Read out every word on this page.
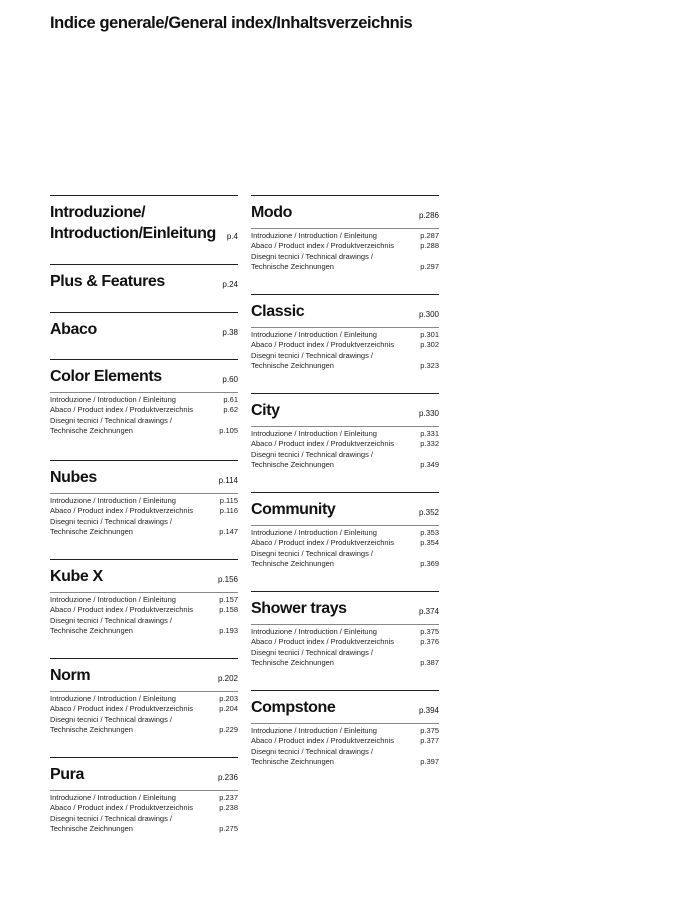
Indice generale/General index/Inhaltsverzeichnis
Introduzione/
Introduction/Einleitung p.4
Plus & Features	p.24
Abaco	p.38
Color Elements	p.60
Introduzione / Introduction / Einleitung	p.61
Abaco / Product index / Produktverzeichnis	p.62
Disegni tecnici / Technical drawings /
Technische Zeichnungen	p.105
Nubes	p.114
Introduzione / Introduction / Einleitung	p.115
Abaco / Product index / Produktverzeichnis	p.116
Disegni tecnici / Technical drawings /
Technische Zeichnungen	p.147
Kube X	p.156
Introduzione / Introduction / Einleitung	p.157
Abaco / Product index / Produktverzeichnis	p.158
Disegni tecnici / Technical drawings /
Technische Zeichnungen	p.193
Norm	p.202
Introduzione / Introduction / Einleitung	p.203
Abaco / Product index / Produktverzeichnis	p.204
Disegni tecnici / Technical drawings /
Technische Zeichnungen	p.229
Pura	p.236
Introduzione / Introduction / Einleitung	p.237
Abaco / Product index / Produktverzeichnis	p.238
Disegni tecnici / Technical drawings /
Technische Zeichnungen	p.275
Modo	p.286
Introduzione / Introduction / Einleitung	p.287
Abaco / Product index / Produktverzeichnis	p.288
Disegni tecnici / Technical drawings /
Technische Zeichnungen	p.297
Classic	p.300
Introduzione / Introduction / Einleitung	p.301
Abaco / Product index / Produktverzeichnis	p.302
Disegni tecnici / Technical drawings /
Technische Zeichnungen	p.323
City	p.330
Introduzione / Introduction / Einleitung	p.331
Abaco / Product index / Produktverzeichnis	p.332
Disegni tecnici / Technical drawings /
Technische Zeichnungen	p.349
Community	p.352
Introduzione / Introduction / Einleitung	p.353
Abaco / Product index / Produktverzeichnis	p.354
Disegni tecnici / Technical drawings /
Technische Zeichnungen	p.369
Shower trays	p.374
Introduzione / Introduction / Einleitung	p.375
Abaco / Product index / Produktverzeichnis	p.376
Disegni tecnici / Technical drawings /
Technische Zeichnungen	p.387
Compstone	p.394
Introduzione / Introduction / Einleitung	p.375
Abaco / Product index / Produktverzeichnis	p.377
Disegni tecnici / Technical drawings /
Technische Zeichnungen	p.397
